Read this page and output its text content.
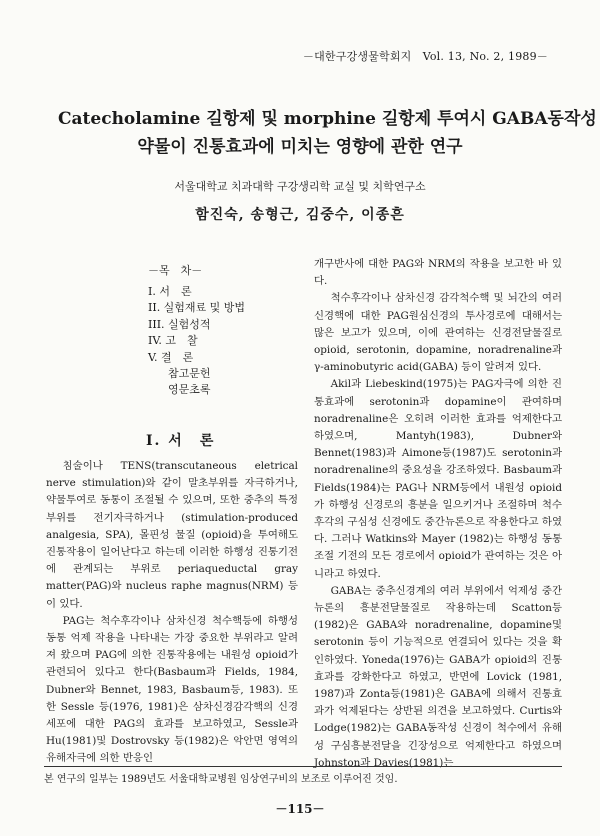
－대한구강생물학회지　Vol. 13, No. 2, 1989－
Catecholamine 길항제 및 morphine 길항제 투여시 GABA동작성
약물이 진통효과에 미치는 영향에 관한 연구
서울대학교 치과대학 구강생리학 교실 및 치학연구소
함진숙, 송형근, 김중수, 이종흔
－목　차－
I. 서　론
II. 실험재료 및 방법
III. 실험성적
IV. 고　찰
V. 결　론
참고문헌
영문초록
I. 서　론

침술이나 TENS(transcutaneous eletrical nerve stimulation)와 같이 말초부위를 자극하거나, 약물투여로 동통이 조절될 수 있으며, 또한 중추의 특정 부위를 전기자극하거나 (stimulation-produced analgesia, SPA), 몰핀성 물질 (opioid)을 투여해도 진통작용이 일어난다고 하는데 이러한 하행성 진통기전에 관계되는 부위로 periaqueductal gray matter(PAG)와 nucleus raphe magnus(NRM) 등이 있다.

PAG는 척수후각이나 삼차신경 척수핵등에 하행성 동통 억제 작용을 나타내는 가장 중요한 부위라고 알려져 왔으며 PAG에 의한 진통작용에는 내원성 opioid가 관련되어 있다고 한다(Basbaum과 Fields, 1984, Dubner와 Bennet, 1983, Basbaum등, 1983). 또한 Sessle 등(1976, 1981)은 삼차신경감각핵의 신경세포에 대한 PAG의 효과를 보고하였고, Sessle과 Hu(1981)및 Dostrovsky 등(1982)은 악안면 영역의 유해자극에 의한 반응인

개구반사에 대한 PAG와 NRM의 작용을 보고한 바 있다.

척수후각이나 삼차신경 감각척수핵 및 뇌간의 여러 신경핵에 대한 PAG원심신경의 투사경로에 대해서는 많은 보고가 있으며, 이에 관여하는 신경전달물질로 opioid, serotonin, dopamine, noradrenaline과 γ-aminobutyric acid(GABA) 등이 알려져 있다.

Akil과 Liebeskind(1975)는 PAG자극에 의한 진통효과에 serotonin과 dopamine이 관여하며 noradrenaline은 오히려 이러한 효과를 억제한다고 하였으며, Mantyh(1983), Dubner와 Bennet(1983)과 Aimone등(1987)도 serotonin과 noradrenaline의 중요성을 강조하였다. Basbaum과 Fields(1984)는 PAG나 NRM등에서 내원성 opioid가 하행성 신경로의 흥분을 일으키거나 조절하며 척수후각의 구심성 신경에도 중간뉴론으로 작용한다고 하였다. 그러나 Watkins와 Mayer (1982)는 하행성 동통조절 기전의 모든 경로에서 opioid가 관여하는 것은 아니라고 하였다.

GABA는 중추신경계의 여러 부위에서 억제성 중간뉴론의 흥분전달물질로 작용하는데 Scatton등 (1982)은 GABA와 noradrenaline, dopamine및 serotonin 등이 기능적으로 연결되어 있다는 것을 확인하였다. Yoneda(1976)는 GABA가 opioid의 진통효과를 강화한다고 하였고, 반면에 Lovick (1981, 1987)과 Zonta등(1981)은 GABA에 의해서 진통효과가 억제된다는 상반된 의견을 보고하였다. Curtis와 Lodge(1982)는 GABA동작성 신경이 척수에서 유해성 구심흥분전달을 긴장성으로 억제한다고 하였으며 Johnston과 Davies(1981)는

본 연구의 일부는 1989년도 서울대학교병원 임상연구비의 보조로 이루어진 것임.
－115－
